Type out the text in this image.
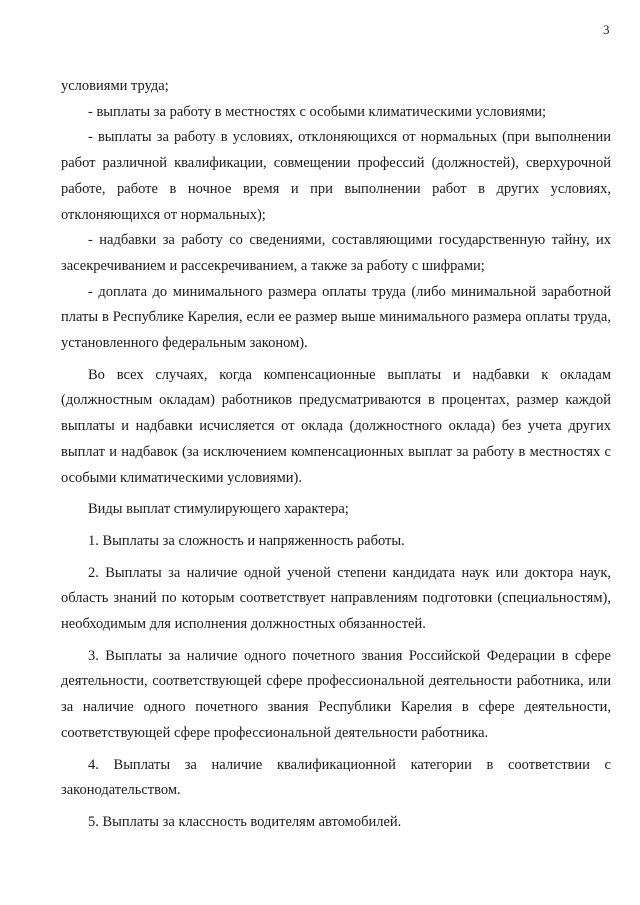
3

условиями труда;

- выплаты за работу в местностях с особыми климатическими условиями;

- выплаты за работу в условиях, отклоняющихся от нормальных (при выполнении работ различной квалификации, совмещении профессий (должностей), сверхурочной работе, работе в ночное время и при выполнении работ в других условиях, отклоняющихся от нормальных);

- надбавки за работу со сведениями, составляющими государственную тайну, их засекречиванием и рассекречиванием, а также за работу с шифрами;

- доплата до минимального размера оплаты труда (либо минимальной заработной платы в Республике Карелия, если ее размер выше минимального размера оплаты труда, установленного федеральным законом).

Во всех случаях, когда компенсационные выплаты и надбавки к окладам (должностным окладам) работников предусматриваются в процентах, размер каждой выплаты и надбавки исчисляется от оклада (должностного оклада) без учета других выплат и надбавок (за исключением компенсационных выплат за работу в местностях с особыми климатическими условиями).

Виды выплат стимулирующего характера;

1. Выплаты за сложность и напряженность работы.

2. Выплаты за наличие одной ученой степени кандидата наук или доктора наук, область знаний по которым соответствует направлениям подготовки (специальностям), необходимым для исполнения должностных обязанностей.

3. Выплаты за наличие одного почетного звания Российской Федерации в сфере деятельности, соответствующей сфере профессиональной деятельности работника, или за наличие одного почетного звания Республики Карелия в сфере деятельности, соответствующей сфере профессиональной деятельности работника.

4. Выплаты за наличие квалификационной категории в соответствии с законодательством.

5. Выплаты за классность водителям автомобилей.
